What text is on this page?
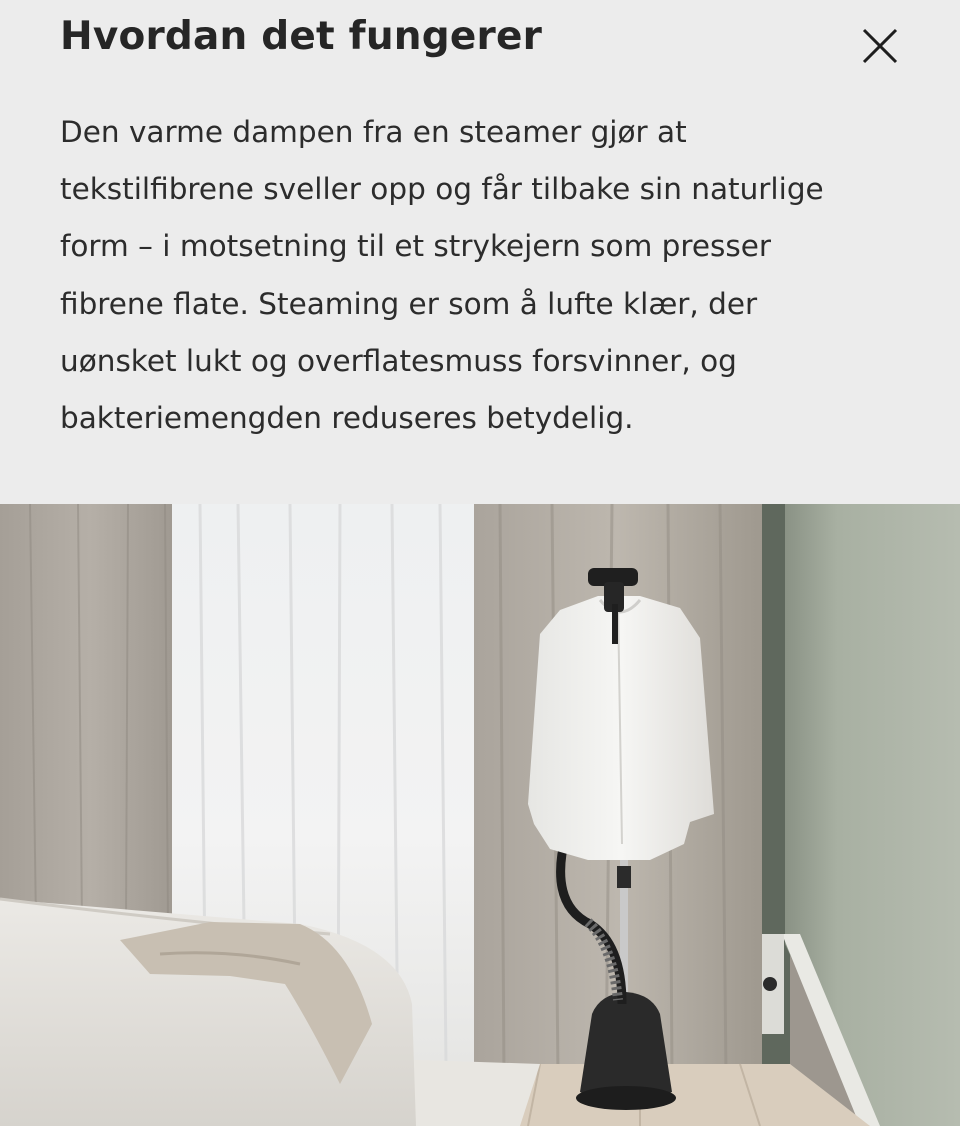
Hvordan det fungerer

Den varme dampen fra en steamer gjør at tekstilfibrene sveller opp og får tilbake sin naturlige form – i motsetning til et strykejern som presser fibrene flate. Steaming er som å lufte klær, der uønsket lukt og overflatesmuss forsvinner, og bakteriemengden reduseres betydelig.
